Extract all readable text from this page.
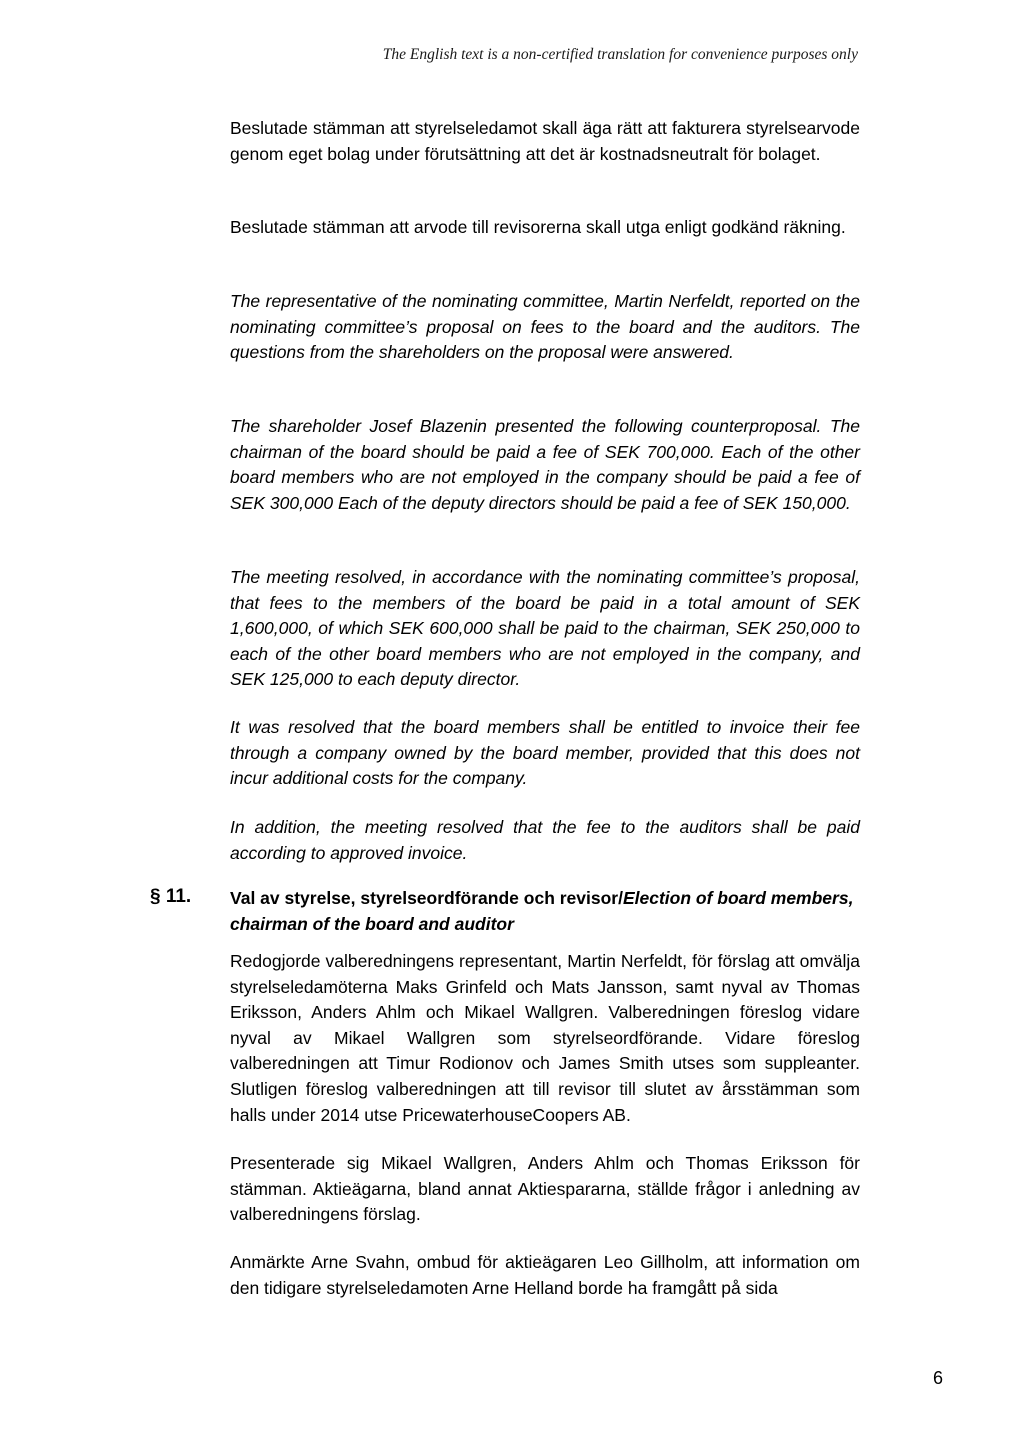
The English text is a non-certified translation for convenience purposes only

Beslutade stämman att styrelseledamot skall äga rätt att fakturera styrelsearvode genom eget bolag under förutsättning att det är kostnadsneutralt för bolaget.

Beslutade stämman att arvode till revisorerna skall utga enligt godkänd räkning.

The representative of the nominating committee, Martin Nerfeldt, reported on the nominating committee’s proposal on fees to the board and the auditors. The questions from the shareholders on the proposal were answered.

The shareholder Josef Blazenin presented the following counterproposal. The chairman of the board should be paid a fee of SEK 700,000. Each of the other board members who are not employed in the company should be paid a fee of SEK 300,000 Each of the deputy directors should be paid a fee of SEK 150,000.

The meeting resolved, in accordance with the nominating committee’s proposal, that fees to the members of the board be paid in a total amount of SEK 1,600,000, of which SEK 600,000 shall be paid to the chairman, SEK 250,000 to each of the other board members who are not employed in the company, and SEK 125,000 to each deputy director.

It was resolved that the board members shall be entitled to invoice their fee through a company owned by the board member, provided that this does not incur additional costs for the company.

In addition, the meeting resolved that the fee to the auditors shall be paid according to approved invoice.

§ 11. Val av styrelse, styrelseordförande och revisor/Election of board members, chairman of the board and auditor

Redogjorde valberedningens representant, Martin Nerfeldt, för förslag att omvälja styrelseledamöterna Maks Grinfeld och Mats Jansson, samt nyval av Thomas Eriksson, Anders Ahlm och Mikael Wallgren. Valberedningen föreslog vidare nyval av Mikael Wallgren som styrelseordförande. Vidare föreslog valberedningen att Timur Rodionov och James Smith utses som suppleanter. Slutligen föreslog valberedningen att till revisor till slutet av årsstämman som halls under 2014 utse PricewaterhouseCoopers AB.

Presenterade sig Mikael Wallgren, Anders Ahlm och Thomas Eriksson för stämman. Aktieägarna, bland annat Aktiespararna, ställde frågor i anledning av valberedningens förslag.

Anmärkte Arne Svahn, ombud för aktieägaren Leo Gillholm, att information om den tidigare styrelseledamoten Arne Helland borde ha framgått på sida

6
